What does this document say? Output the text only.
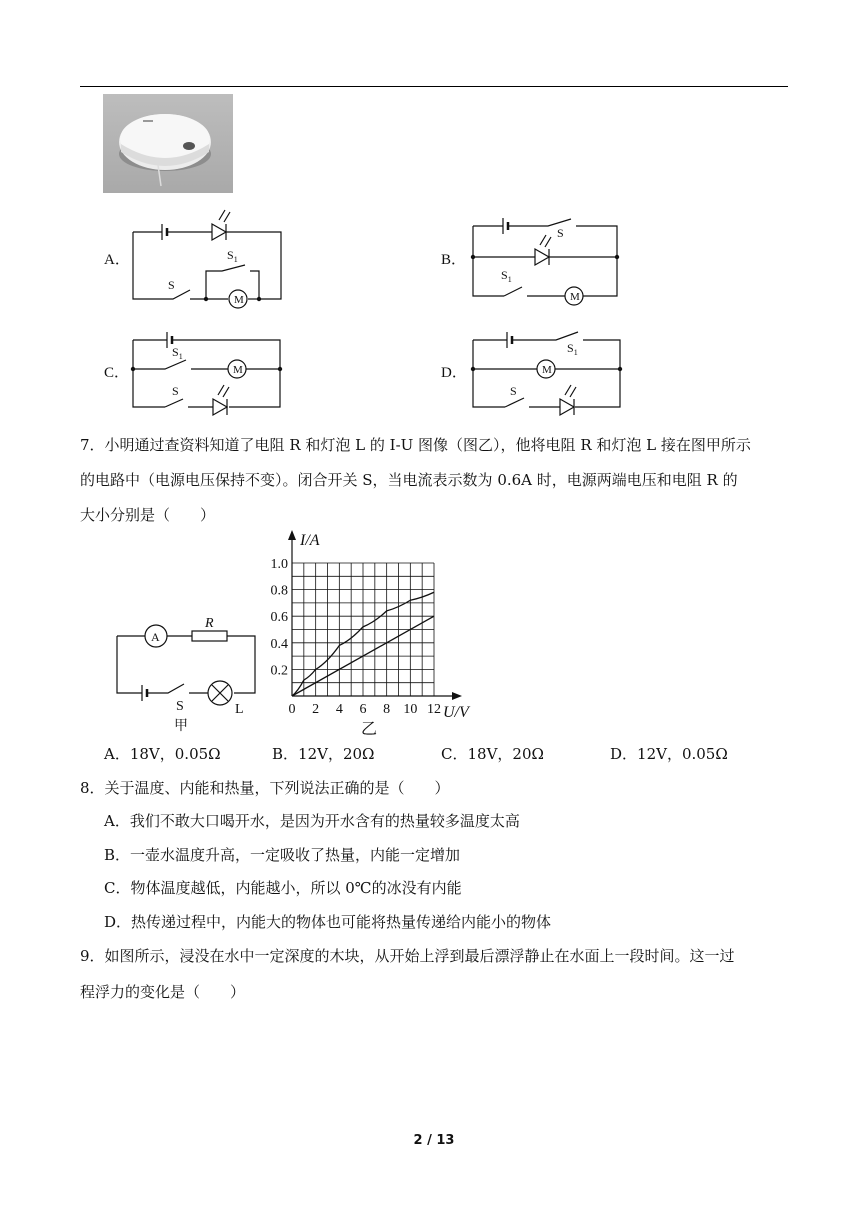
A．	B．
C．	D．
$S_1$
M
S
S
$S_1$
M
$S_1$
M
S
$S_1$
M
S
7．小明通过查资料知道了电阻 R 和灯泡 L 的 I-U 图像（图乙），他将电阻 R 和灯泡 L 接在图甲所示
的电路中（电源电压保持不变）。闭合开关 S，当电流表示数为 0.6A 时，电源两端电压和电阻 R 的
大小分别是（　　）
A
R
S	L
甲
0 2 4 6 8 10 12
0.2
0.4
0.6
0.8
1.0
I/A
U/V
乙
A．18V，0.05Ω	B．12V，20Ω	C．18V，20Ω	D．12V，0.05Ω
8．关于温度、内能和热量，下列说法正确的是（　　）
A．我们不敢大口喝开水，是因为开水含有的热量较多温度太高
B．一壶水温度升高，一定吸收了热量，内能一定增加
C．物体温度越低，内能越小，所以 0℃的冰没有内能
D．热传递过程中，内能大的物体也可能将热量传递给内能小的物体
9．如图所示，浸没在水中一定深度的木块，从开始上浮到最后漂浮静止在水面上一段时间。这一过
程浮力的变化是（　　）
2 / 13
